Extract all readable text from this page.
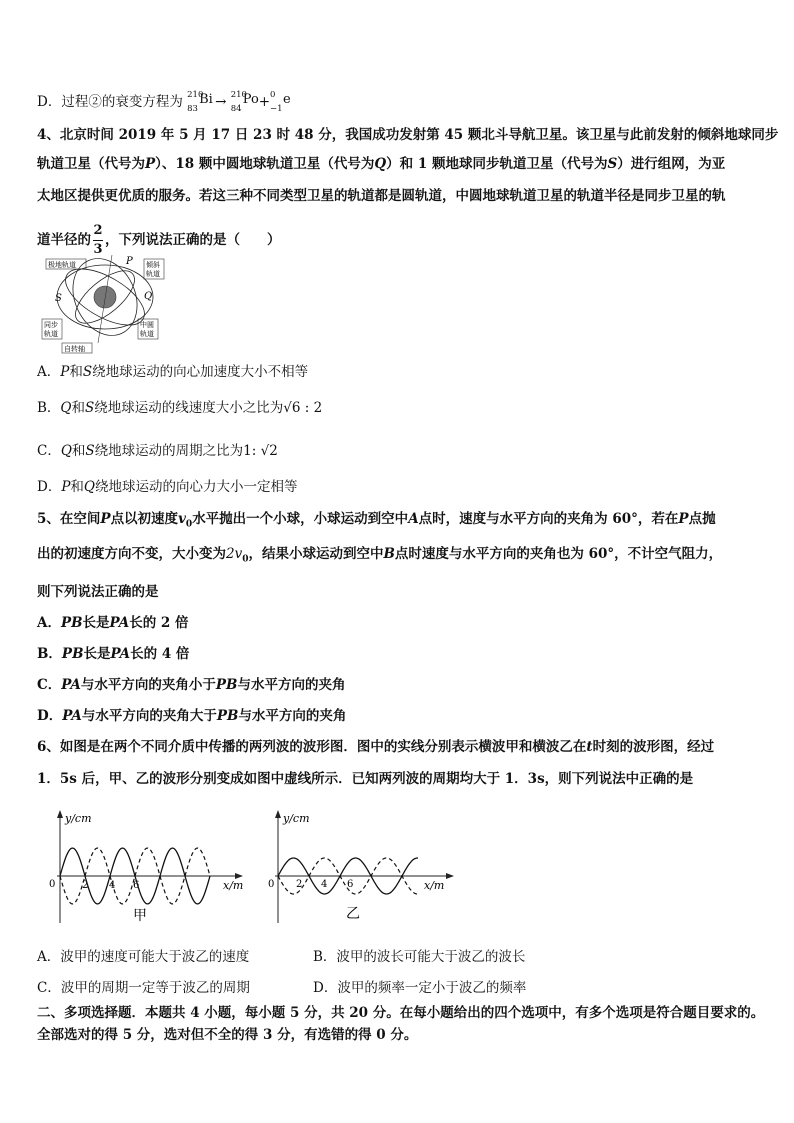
D．过程②的衰变方程为 210
83
Bi → 210
84
Po + 0
−1
e
4、北京时间 2019 年 5 月 17 日 23 时 48 分，我国成功发射第 45 颗北斗导航卫星。该卫星与此前发射的倾斜地球同步
轨道卫星（代号为P）、18 颗中圆地球轨道卫星（代号为Q）和 1 颗地球同步轨道卫星（代号为S）进行组网，为亚
太地区提供更优质的服务。若这三种不同类型卫星的轨道都是圆轨道，中圆地球轨道卫星的轨道半径是同步卫星的轨
道半径的 $\frac{2}{3}$ ，下列说法正确的是（　　）
极地轨道	倾斜
轨道
同步
轨道
中圆
轨道
自转轴
P
S	Q
A．P和S绕地球运动的向心加速度大小不相等
B．Q和S绕地球运动的线速度大小之比为√6 : 2
C．Q和S绕地球运动的周期之比为1: √2
D．P和Q绕地球运动的向心力大小一定相等
5、在空间P点以初速度$v_0$水平抛出一个小球，小球运动到空中A点时，速度与水平方向的夹角为 60°，若在P点抛
出的初速度方向不变，大小变为$2v_0$，结果小球运动到空中B点时速度与水平方向的夹角也为 60°，不计空气阻力，
则下列说法正确的是
A．PB长是PA长的 2 倍
B．PB长是PA长的 4 倍
C．PA与水平方向的夹角小于PB与水平方向的夹角
D．PA与水平方向的夹角大于PB与水平方向的夹角
6、如图是在两个不同介质中传播的两列波的波形图．图中的实线分别表示横波甲和横波乙在t时刻的波形图，经过
1．5s 后，甲、乙的波形分别变成如图中虚线所示．已知两列波的周期均大于 1．3s，则下列说法中正确的是
y/cm
x/m
0	2 4 6
甲
y/cm
x/m
0 2 4 6
乙
A．波甲的速度可能大于波乙的速度	B．波甲的波长可能大于波乙的波长
C．波甲的周期一定等于波乙的周期	D．波甲的频率一定小于波乙的频率
二、多项选择题．本题共 4 小题，每小题 5 分，共 20 分。在每小题给出的四个选项中，有多个选项是符合题目要求的。
全部选对的得 5 分，选对但不全的得 3 分，有选错的得 0 分。
